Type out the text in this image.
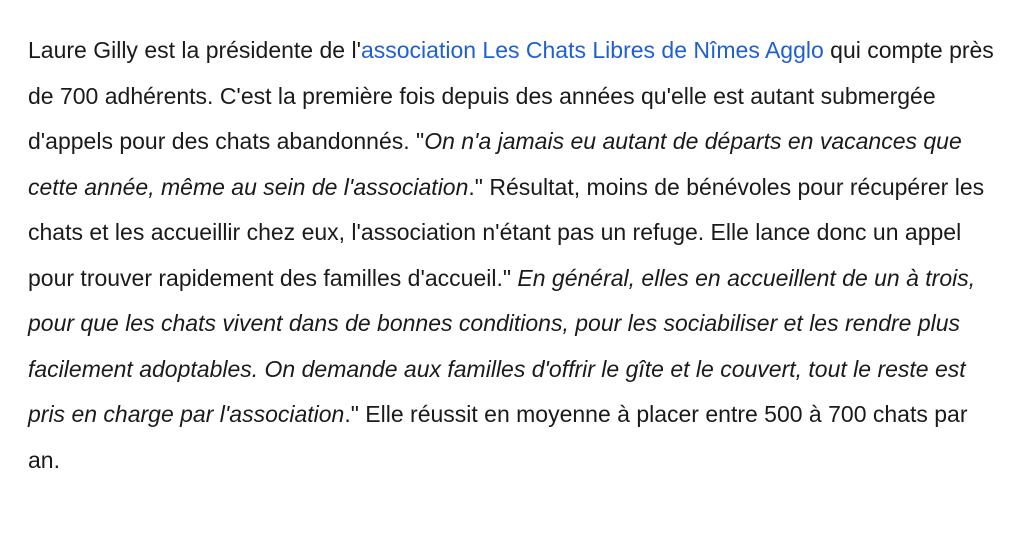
Laure Gilly est la présidente de l'association Les Chats Libres de Nîmes Agglo qui compte près de 700 adhérents. C'est la première fois depuis des années qu'elle est autant submergée d'appels pour des chats abandonnés. "On n'a jamais eu autant de départs en vacances que cette année, même au sein de l'association." Résultat, moins de bénévoles pour récupérer les chats et les accueillir chez eux, l'association n'étant pas un refuge. Elle lance donc un appel pour trouver rapidement des familles d'accueil." En général, elles en accueillent de un à trois, pour que les chats vivent dans de bonnes conditions, pour les sociabiliser et les rendre plus facilement adoptables. On demande aux familles d'offrir le gîte et le couvert, tout le reste est pris en charge par l'association." Elle réussit en moyenne à placer entre 500 à 700 chats par an.
